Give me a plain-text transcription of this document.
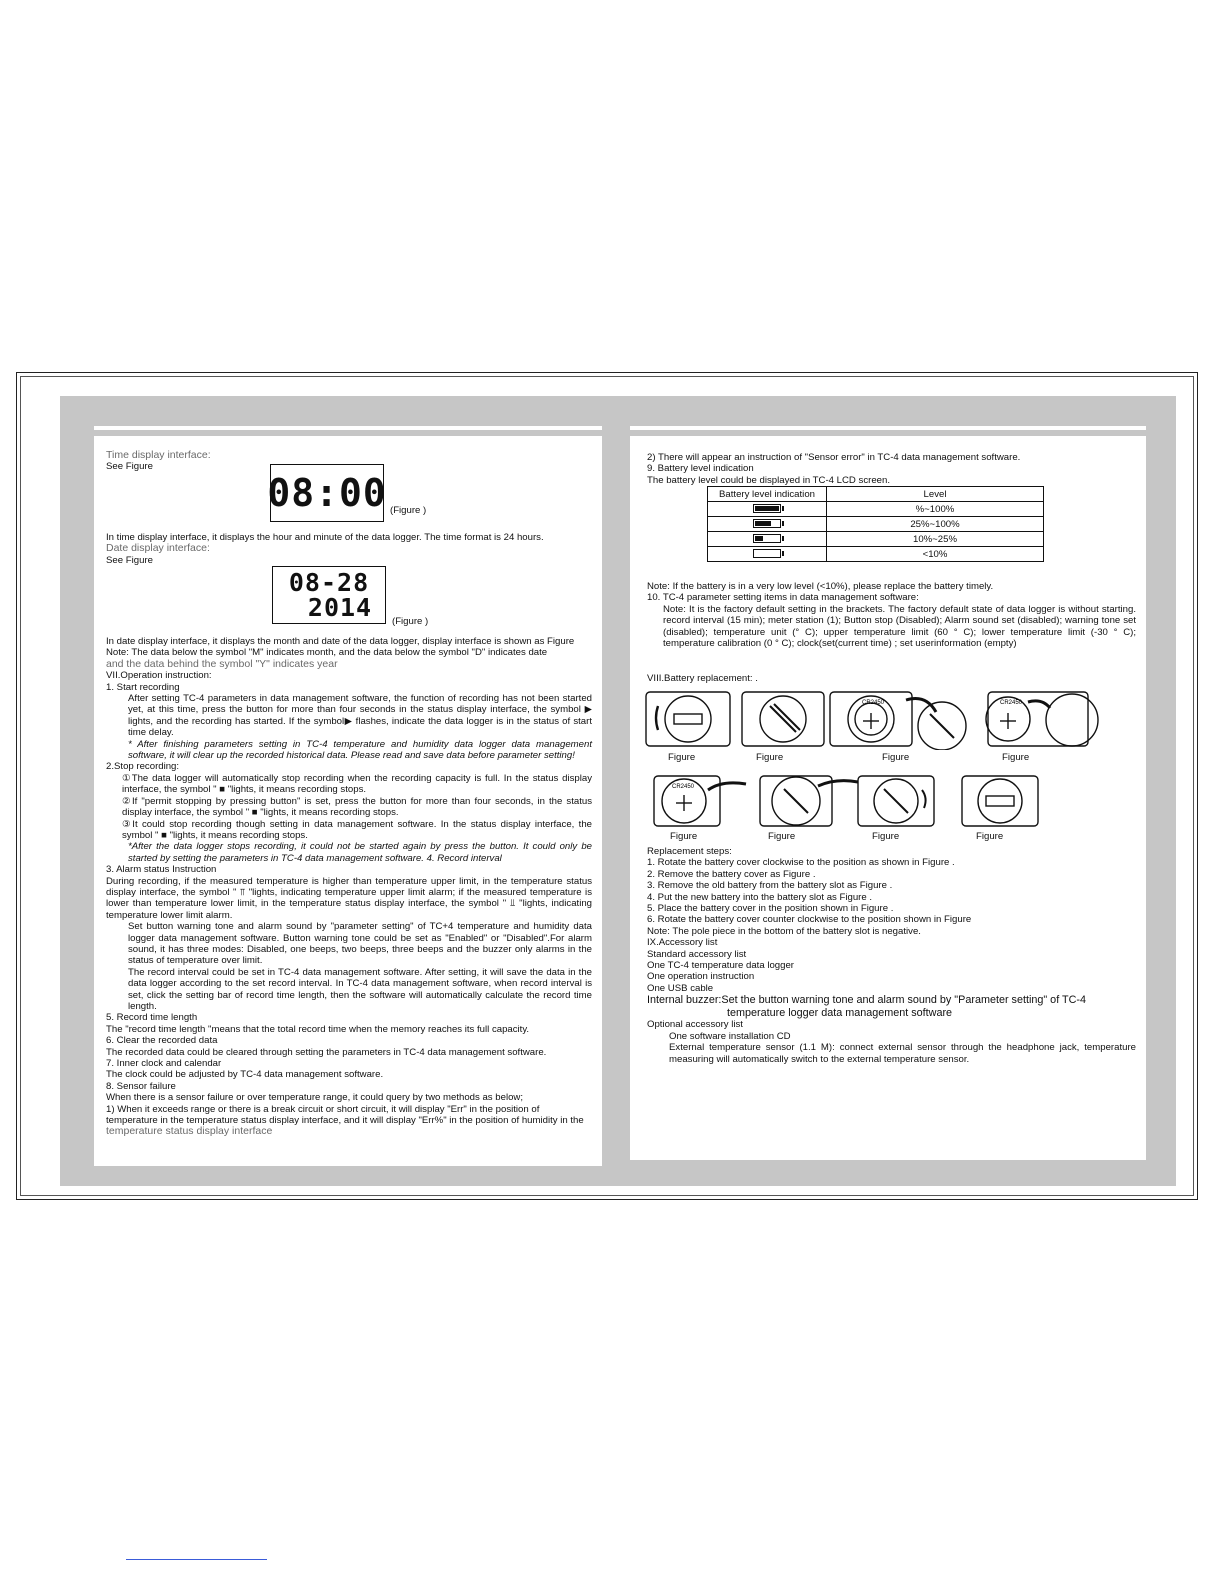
Time display interface:

See Figure

08:00 (Figure )

In time display interface, it displays the hour and minute of the data logger. The time format is 24 hours.

Date display interface:

See Figure

08-28
2014 (Figure )

In date display interface, it displays the month and date of the data logger, display interface is shown as Figure

Note: The data below the symbol "M" indicates month, and the data below the symbol "D" indicates date

and the data behind the symbol "Y" indicates year

VII.Operation instruction:

1. Start recording

After setting TC-4 parameters in data management software, the function of recording has not been started yet, at this time, press the button for more than four seconds in the status display interface, the symbol ▶ lights, and the recording has started. If the symbol▶ flashes, indicate the data logger is in the status of start time delay.

* After finishing parameters setting in TC-4 temperature and humidity data logger data management software, it will clear up the recorded historical data. Please read and save data before parameter setting!

2.Stop recording:

①The data logger will automatically stop recording when the recording capacity is full. In the status display interface, the symbol " ■ "lights, it means recording stops.

②If "permit stopping by pressing button" is set, press the button for more than four seconds, in the status display interface, the symbol " ■ "lights, it means recording stops.

③It could stop recording though setting in data management software. In the status display interface, the symbol " ■ "lights, it means recording stops.

*After the data logger stops recording, it could not be started again by press the button. It could only be started by setting the parameters in TC-4 data management software. 4. Record interval

3. Alarm status Instruction

During recording, if the measured temperature is higher than temperature upper limit, in the temperature status display interface, the symbol " ⫪ "lights, indicating temperature upper limit alarm; if the measured temperature is lower than temperature lower limit, in the temperature status display interface, the symbol " ⫫ "lights, indicating temperature lower limit alarm.

Set button warning tone and alarm sound by "parameter setting" of TC+4 temperature and humidity data logger data management software. Button warning tone could be set as "Enabled" or "Disabled".For alarm sound, it has three modes: Disabled, one beeps, two beeps, three beeps and the buzzer only alarms in the status of temperature over limit.

The record interval could be set in TC-4 data management software. After setting, it will save the data in the data logger according to the set record interval. In TC-4 data management software, when record interval is set, click the setting bar of record time length, then the software will automatically calculate the record time length.

5. Record time length

The "record time length "means that the total record time when the memory reaches its full capacity.

6. Clear the recorded data

The recorded data could be cleared through setting the parameters in TC-4 data management software.

7. Inner clock and calendar

The clock could be adjusted by TC-4 data management software.

8. Sensor failure

When there is a sensor failure or over temperature range, it could query by two methods as below;

1) When it exceeds range or there is a break circuit or short circuit, it will display "Err" in the position of temperature in the temperature status display interface, and it will display "Err%" in the position of humidity in the

temperature status display interface

2) There will appear an instruction of "Sensor error" in TC-4 data management software.

9. Battery level indication

The battery level could be displayed in TC-4 LCD screen.

Battery level indication	Level

	%~100%

	25%~100%

	10%~25%

	<10%

Note: If the battery is in a very low level (<10%), please replace the battery timely.

10. TC-4 parameter setting items in data management software:

Note: It is the factory default setting in the brackets. The factory default state of data logger is without starting. record interval (15 min); meter station (1); Button stop (Disabled); Alarm sound set (disabled); warning tone set (disabled); temperature unit (° C); upper temperature limit (60 ° C); lower temperature limit (-30 ° C); temperature calibration (0 ° C); clock(set(current time) ; set userinformation (empty)

VIII.Battery replacement: .

CR2450	CR2450
Figure	Figure	Figure	Figure
CR2450
Figure	Figure	Figure	Figure

Replacement steps:

1. Rotate the battery cover clockwise to the position as shown in Figure .

2. Remove the battery cover as Figure .

3. Remove the old battery from the battery slot as Figure .

4. Put the new battery into the battery slot as Figure .

5. Place the battery cover in the position shown in Figure .

6. Rotate the battery cover counter clockwise to the position shown in Figure

Note: The pole piece in the bottom of the battery slot is negative.

IX.Accessory list

Standard accessory list

One TC-4 temperature data logger

One operation instruction

One USB cable

Internal buzzer:Set the button warning tone and alarm sound by "Parameter setting" of TC-4

temperature logger data management software

Optional accessory list

One software installation CD

External temperature sensor (1.1 M): connect external sensor through the headphone jack, temperature measuring will automatically switch to the external temperature sensor.
